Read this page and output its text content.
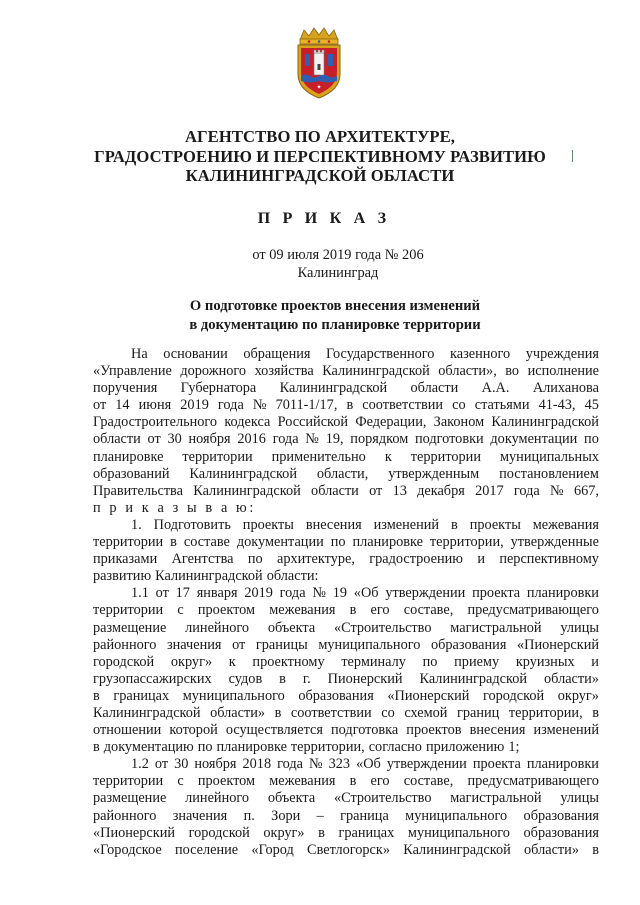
✦
АГЕНТСТВО ПО АРХИТЕКТУРЕ,
ГРАДОСТРОЕНИЮ И ПЕРСПЕКТИВНОМУ РАЗВИТИЮ
КАЛИНИНГРАДСКОЙ ОБЛАСТИ
П Р И К А З
от 09 июля 2019 года № 206
Калининград
О подготовке проектов внесения изменений
в документацию по планировке территории
На основании обращения Государственного казенного учреждения
«Управление дорожного хозяйства Калининградской области», во исполнение
поручения Губернатора Калининградской области А.А. Алиханова
от 14 июня 2019 года № 7011-1/17, в соответствии со статьями 41-43, 45
Градостроительного кодекса Российской Федерации, Законом Калининградской
области от 30 ноября 2016 года № 19, порядком подготовки документации по
планировке территории применительно к территории муниципальных
образований Калининградской области, утвержденным постановлением
Правительства Калининградской области от 13 декабря 2017 года № 667,
п р и к а з ы в а ю:
1. Подготовить проекты внесения изменений в проекты межевания
территории в составе документации по планировке территории, утвержденные
приказами Агентства по архитектуре, градостроению и перспективному
развитию Калининградской области:
1.1 от 17 января 2019 года № 19 «Об утверждении проекта планировки
территории с проектом межевания в его составе, предусматривающего
размещение линейного объекта «Строительство магистральной улицы
районного значения от границы муниципального образования «Пионерский
городской округ» к проектному терминалу по приему круизных и
грузопассажирских судов в г. Пионерский Калининградской области»
в границах муниципального образования «Пионерский городской округ»
Калининградской области» в соответствии со схемой границ территории, в
отношении которой осуществляется подготовка проектов внесения изменений
в документацию по планировке территории, согласно приложению 1;
1.2 от 30 ноября 2018 года № 323 «Об утверждении проекта планировки
территории с проектом межевания в его составе, предусматривающего
размещение линейного объекта «Строительство магистральной улицы
районного значения п. Зори – граница муниципального образования
«Пионерский городской округ» в границах муниципального образования
«Городское поселение «Город Светлогорск» Калининградской области» в
